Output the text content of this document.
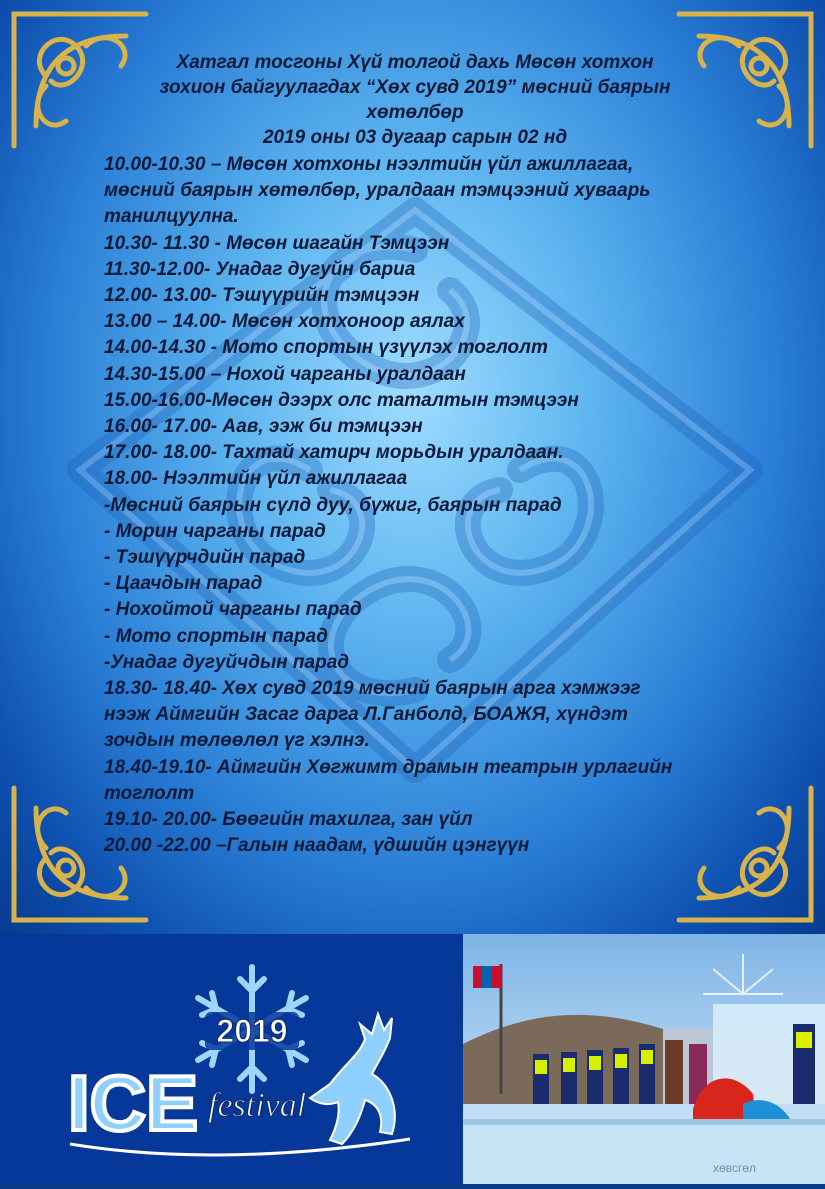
Хатгал тосгоны Хүй толгой дахь Мөсөн хотхон
зохион байгуулагдах “Хөх сувд 2019” мөсний баярын
хөтөлбөр
2019 оны 03 дугаар сарын 02 нд
10.00-10.30 – Мөсөн хотхоны нээлтийн үйл ажиллагаа,
мөсний баярын хөтөлбөр, уралдаан тэмцээний хуваарь
танилцуулна.
10.30- 11.30 - Мөсөн шагайн Тэмцээн
11.30-12.00- Унадаг дугуйн бариа
12.00- 13.00- Тэшүүрийн тэмцээн
13.00 – 14.00- Мөсөн хотхоноор аялах
14.00-14.30 - Мото спортын үзүүлэх тоглолт
14.30-15.00 – Нохой чарганы уралдаан
15.00-16.00-Мөсөн дээрх олс таталтын тэмцээн
16.00- 17.00- Аав, ээж би тэмцээн
17.00- 18.00- Тахтай хатирч морьдын уралдаан.
18.00- Нээлтийн үйл ажиллагаа
-Мөсний баярын сүлд дуу, бүжиг, баярын парад
- Морин чарганы парад
- Тэшүүрчдийн парад
- Цаачдын парад
- Нохойтой чарганы парад
- Мото спортын парад
-Унадаг дугуйчдын парад
18.30- 18.40- Хөх сувд 2019 мөсний баярын арга хэмжээг
нээж Аймгийн Засаг дарга Л.Ганболд, БОАЖЯ, хүндэт
зочдын төлөөлөл үг хэлнэ.
18.40-19.10- Аймгийн Хөгжимт драмын театрын урлагийн
тоглолт
19.10- 20.00- Бөөгийн тахилга, зан үйл
20.00 -22.00 –Галын наадам, үдшийн цэнгүүн
2019
ICE festival
хөвсгөл
